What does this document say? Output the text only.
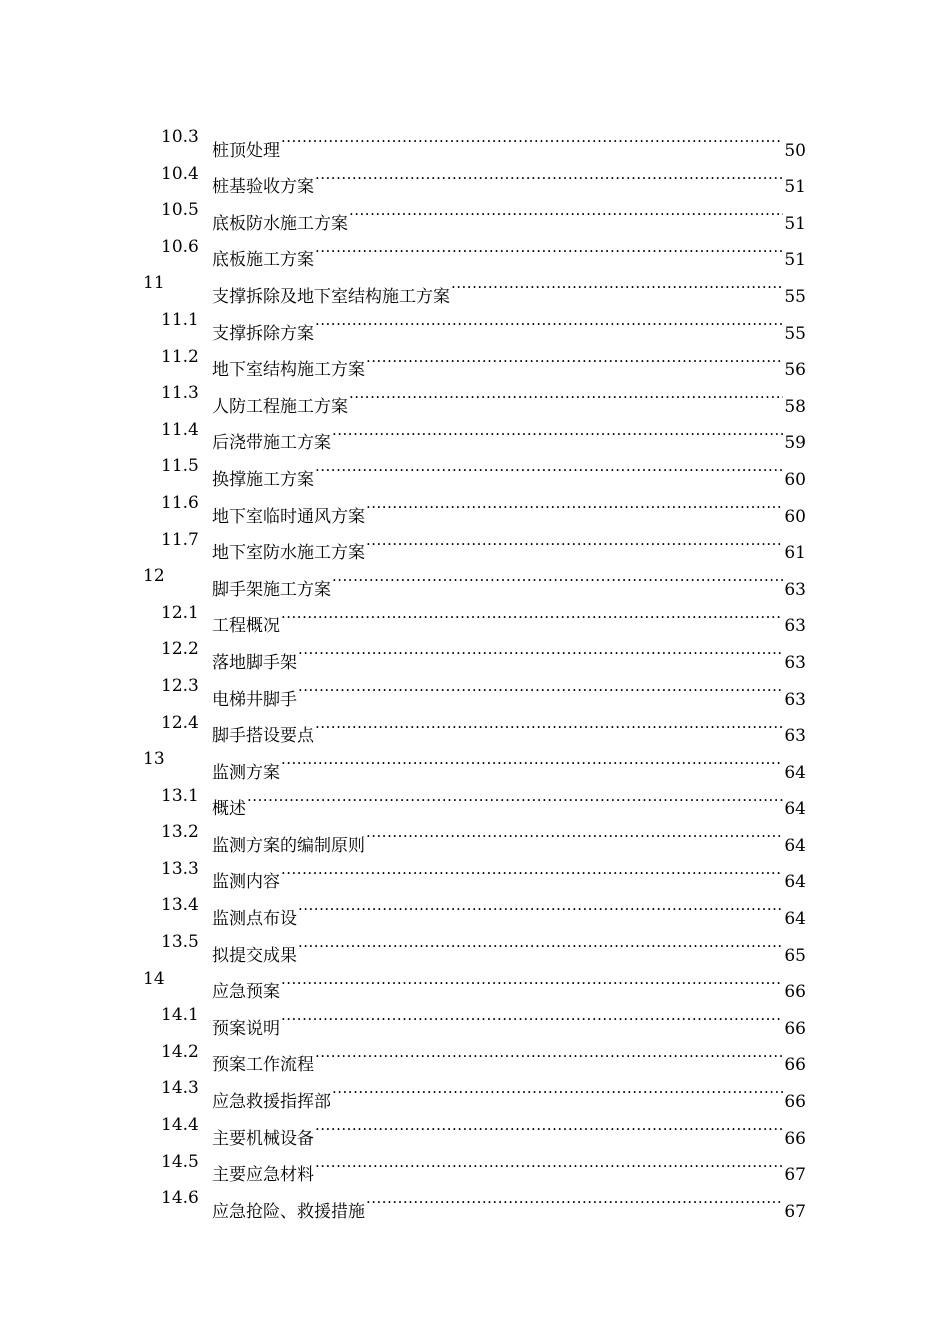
10.3
桩顶处理 .....	50
10.4
桩基验收方案 .....	51
10.5
底板防水施工方案 .....	51
10.6
底板施工方案 .....	51
11
支撑拆除及地下室结构施工方案 .....	55
11.1
支撑拆除方案 .....	55
11.2
地下室结构施工方案 .....	56
11.3
人防工程施工方案 .....	58
11.4
后浇带施工方案 .....	59
11.5
换撑施工方案 .....	60
11.6
地下室临时通风方案 .....	60
11.7
地下室防水施工方案 .....	61
12
脚手架施工方案 .....	63
12.1
工程概况 .....	63
12.2
落地脚手架 .....	63
12.3
电梯井脚手 .....	63
12.4
脚手搭设要点 .....	63
13
监测方案 .....	64
13.1
概述 .....	64
13.2
监测方案的编制原则 .....	64
13.3
监测内容 .....	64
13.4
监测点布设 .....	64
13.5
拟提交成果 .....	65
14
应急预案 .....	66
14.1
预案说明 .....	66
14.2
预案工作流程 .....	66
14.3
应急救援指挥部 .....	66
14.4
主要机械设备 .....	66
14.5
主要应急材料 .....	67
14.6
应急抢险、救援措施 .....	67
